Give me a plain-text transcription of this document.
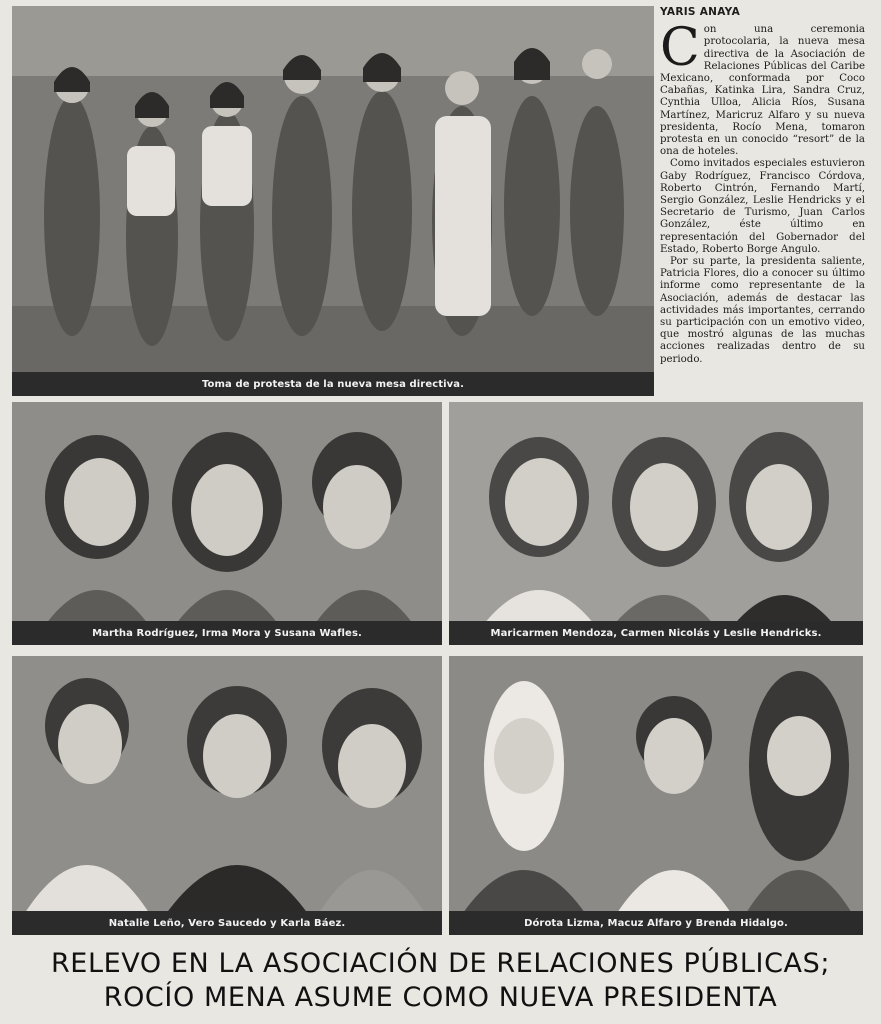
Toma de protesta de la nueva mesa directiva.
YARIS ANAYA
C on una ceremonia protocolaria, la nueva mesa directiva de la Asociación de Relaciones Públicas del Caribe Mexicano, conformada por Coco Cabañas, Katinka Lira, Sandra Cruz, Cynthia Ulloa, Alicia Ríos, Susana Martínez, Maricruz Alfaro y su nueva presidenta, Rocío Mena, tomaron protesta en un conocido “resort” de la ona de hoteles.

Como invitados especiales estuvieron Gaby Rodríguez, Francisco Córdova, Roberto Cintrón, Fernando Martí, Sergio González, Leslie Hendricks y el Secretario de Turismo, Juan Carlos González, éste último en representación del Gobernador del Estado, Roberto Borge Angulo.

Por su parte, la presidenta saliente, Patricia Flores, dio a conocer su último informe como representante de la Asociación, además de destacar las actividades más importantes, cerrando su participación con un emotivo video, que mostró algunas de las muchas acciones realizadas dentro de su periodo.

Martha Rodríguez, Irma Mora y Susana Wafles.	Maricarmen Mendoza, Carmen Nicolás y Leslie Hendricks.
Natalie Leño, Vero Saucedo y Karla Báez.	Dórota Lizma, Macuz Alfaro y Brenda Hidalgo.
RELEVO EN LA ASOCIACIÓN DE RELACIONES PÚBLICAS;
ROCÍO MENA ASUME COMO NUEVA PRESIDENTA
